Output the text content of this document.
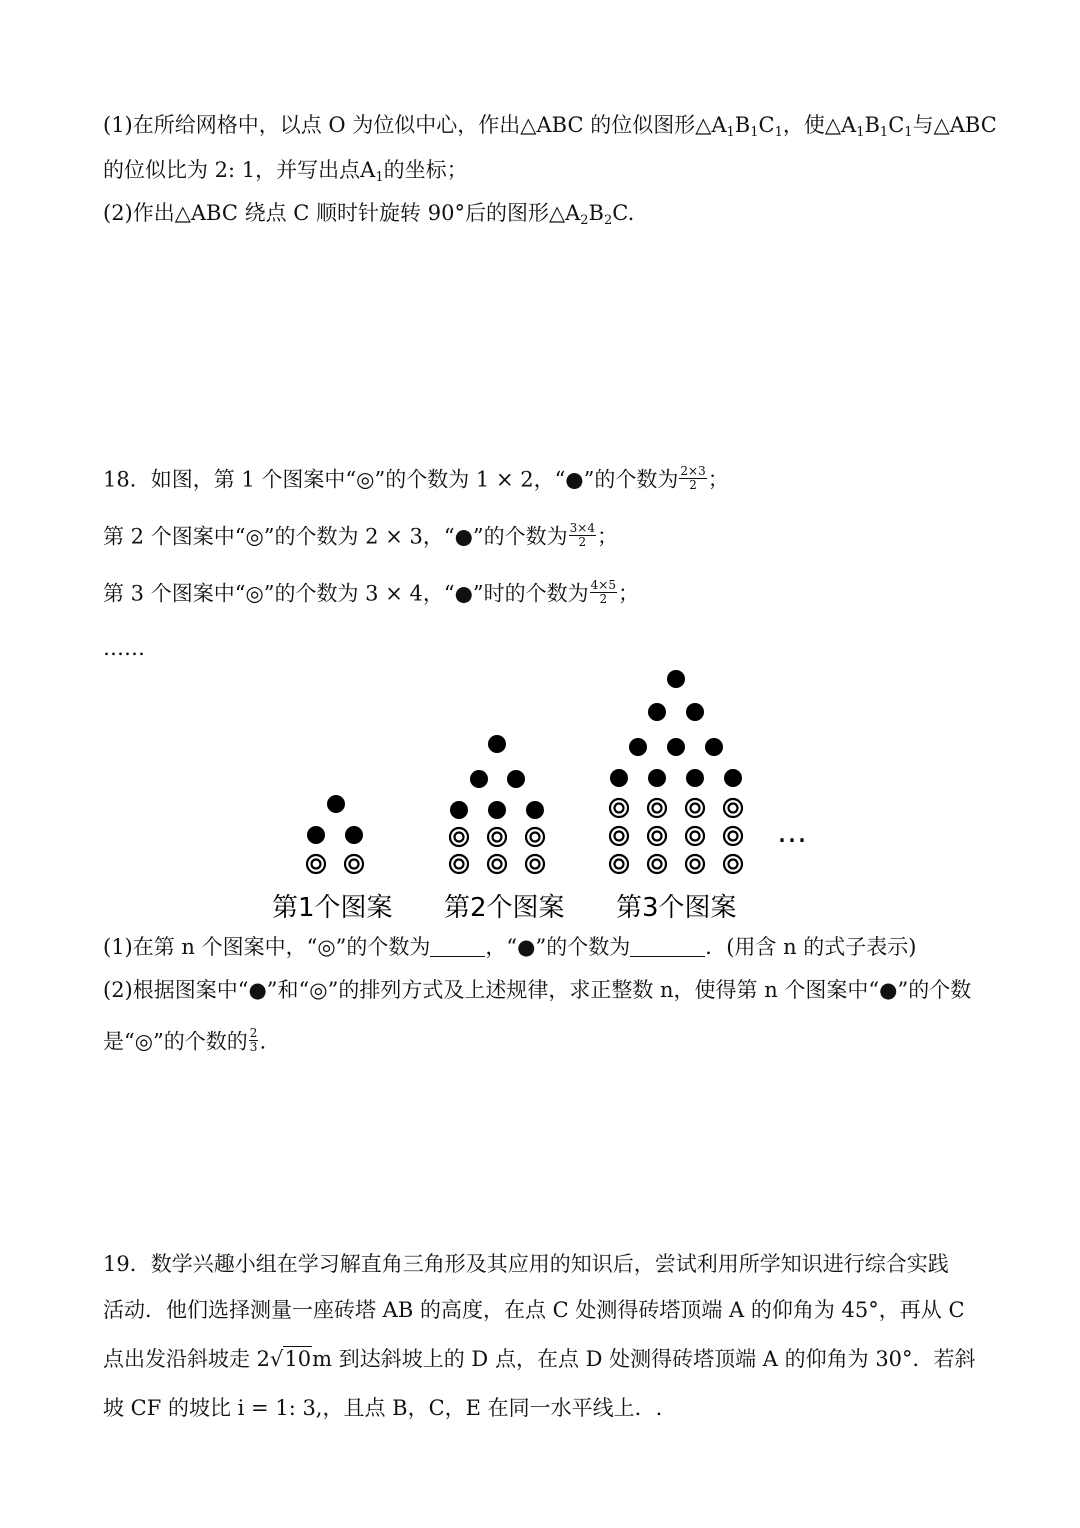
(1)在所给网格中，以点 O 为位似中心，作出△ABC 的位似图形$\triangle A_1B_1C_1$，使$\triangle A_1B_1C_1$与△ABC
的位似比为 2: 1，并写出点$A_1$的坐标；
(2)作出△ABC 绕点 C 顺时针旋转 90°后的图形$\triangle A_2B_2C$.
18．如图，第 1 个图案中“◎”的个数为 1 × 2，“●”的个数为 $\frac{2\times 3}{2}$ ；
第 2 个图案中“◎”的个数为 2 × 3，“●”的个数为 $\frac{3\times 4}{2}$ ；
第 3 个图案中“◎”的个数为 3 × 4，“●”时的个数为 $\frac{4\times 5}{2}$ ；
……
…
第1个图案 第2个图案 第3个图案
(1)在第 n 个图案中，“◎”的个数为	，“●”的个数为	．(用含 n 的式子表示)
(2)根据图案中“●”和“◎”的排列方式及上述规律，求正整数 n，使得第 n 个图案中“●”的个数
是“◎”的个数的 $\frac{2}{3}$ .
19．数学兴趣小组在学习解直角三角形及其应用的知识后，尝试利用所学知识进行综合实践
活动．他们选择测量一座砖塔 AB 的高度，在点 C 处测得砖塔顶端 A 的仰角为 45°，再从 C
点出发沿斜坡走 2√10m 到达斜坡上的 D 点，在点 D 处测得砖塔顶端 A 的仰角为 30°．若斜
坡 CF 的坡比 i = 1: 3,，且点 B，C，E 在同一水平线上．.
